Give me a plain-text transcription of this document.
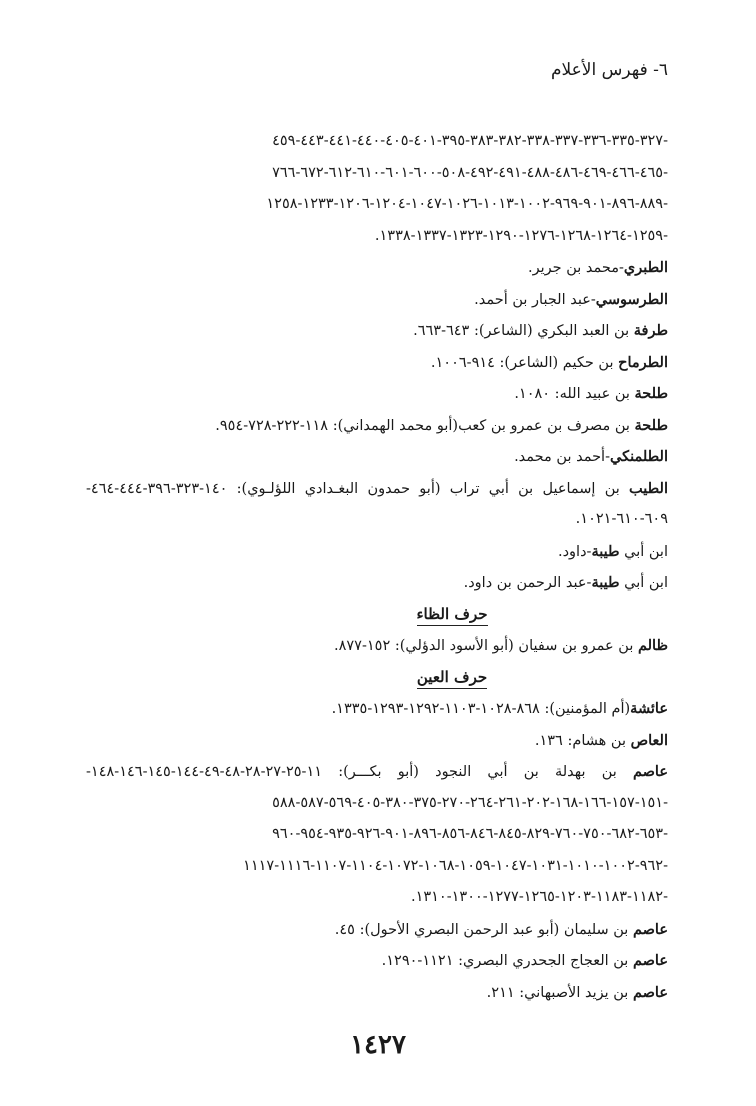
٦- فهرس الأعلام
-٣٢٧-٣٣٥-٣٣٦-٣٣٧-٣٣٨-٣٨٢-٣٨٣-٣٩٥-٤٠١-٤٠٥-٤٤٠-٤٤١-٤٤٣-٤٥٩
-٤٦٥-٤٦٦-٤٦٩-٤٨٦-٤٨٨-٤٩١-٤٩٢-٥٠٨-٦٠٠-٦٠١-٦١٠-٦١٢-٦٧٢-٧٦٦
-٨٨٩-٨٩٦-٩٠١-٩٦٩-١٠٠٢-١٠١٣-١٠٢٦-١٠٤٧-١٢٠٤-١٢٠٦-١٢٣٣-١٢٥٨
-١٢٥٩-١٢٦٤-١٢٦٨-١٢٧٦-١٢٩٠-١٣٢٣-١٣٣٧-١٣٣٨.
الطبري-محمد بن جرير.
الطرسوسي-عبد الجبار بن أحمد.
طرفة بن العبد البكري (الشاعر): ٦٤٣-٦٦٣.
الطرماح بن حكيم (الشاعر): ٩١٤-١٠٠٦.
طلحة بن عبيد الله: ١٠٨٠.
طلحة بن مصرف بن عمرو بن كعب(أبو محمد الهمداني): ١١٨-٢٢٢-٧٢٨-٩٥٤.
الطلمنكي-أحمد بن محمد.
الطيب بن إسماعيل بن أبي تراب (أبو حمدون البغـدادي اللؤلـوي): ١٤٠-٣٢٣-٣٩٦-٤٤٤-٤٦٤-
٦٠٩-٦١٠-١٠٢١.
ابن أبي طيبة-داود.
ابن أبي طيبة-عبد الرحمن بن داود.
حرف الظاء
ظالم بن عمرو بن سفيان (أبو الأسود الدؤلي): ١٥٢-٨٧٧.
حرف العين
عائشة(أم المؤمنين): ٨٦٨-١٠٢٨-١١٠٣-١٢٩٢-١٢٩٣-١٣٣٥.
العاص بن هشام: ١٣٦.
عاصم بن بهدلة بن أبي النجود (أبو بكـــر): ١١-٢٥-٢٧-٢٨-٤٨-٤٩-١٤٤-١٤٥-١٤٦-١٤٨-
-١٥١-١٥٧-١٦٦-١٦٨-٢٠٢-٢٦١-٢٦٤-٢٧٠-٣٧٥-٣٨٠-٤٠٥-٥٦٩-٥٨٧-٥٨٨
-٦٥٣-٦٨٢-٧٥٠-٧٦٠-٨٢٩-٨٤٥-٨٤٦-٨٥٦-٨٩٦-٩٠١-٩٢٦-٩٣٥-٩٥٤-٩٦٠
-٩٦٢-١٠٠٢-١٠١٠-١٠٣١-١٠٤٧-١٠٥٩-١٠٦٨-١٠٧٢-١١٠٤-١١٠٧-١١١٦-١١١٧
-١١٨٢-١١٨٣-١٢٠٣-١٢٦٥-١٢٧٧-١٣٠٠-١٣١٠.
عاصم بن سليمان (أبو عبد الرحمن البصري الأحول): ٤٥.
عاصم بن العجاج الجحدري البصري: ١١٢١-١٢٩٠.
عاصم بن يزيد الأصبهاني: ٢١١.
١٤٢٧
